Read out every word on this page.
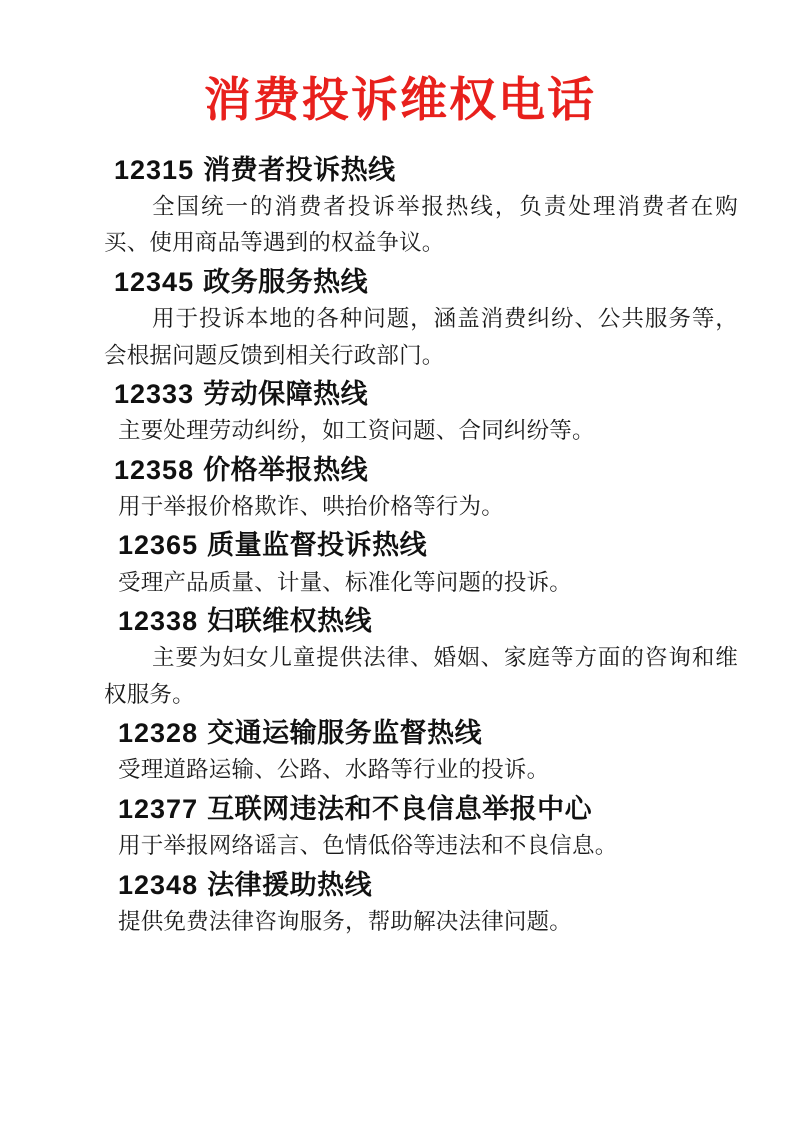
消费投诉维权电话
12315 消费者投诉热线
全国统一的消费者投诉举报热线，负责处理消费者在购买、使用商品等遇到的权益争议。
12345 政务服务热线
用于投诉本地的各种问题，涵盖消费纠纷、公共服务等，会根据问题反馈到相关行政部门。
12333 劳动保障热线
主要处理劳动纠纷，如工资问题、合同纠纷等。
12358 价格举报热线
用于举报价格欺诈、哄抬价格等行为。
12365 质量监督投诉热线
受理产品质量、计量、标准化等问题的投诉。
12338 妇联维权热线
主要为妇女儿童提供法律、婚姻、家庭等方面的咨询和维权服务。
12328 交通运输服务监督热线
受理道路运输、公路、水路等行业的投诉。
12377 互联网违法和不良信息举报中心
用于举报网络谣言、色情低俗等违法和不良信息。
12348 法律援助热线
提供免费法律咨询服务，帮助解决法律问题。
